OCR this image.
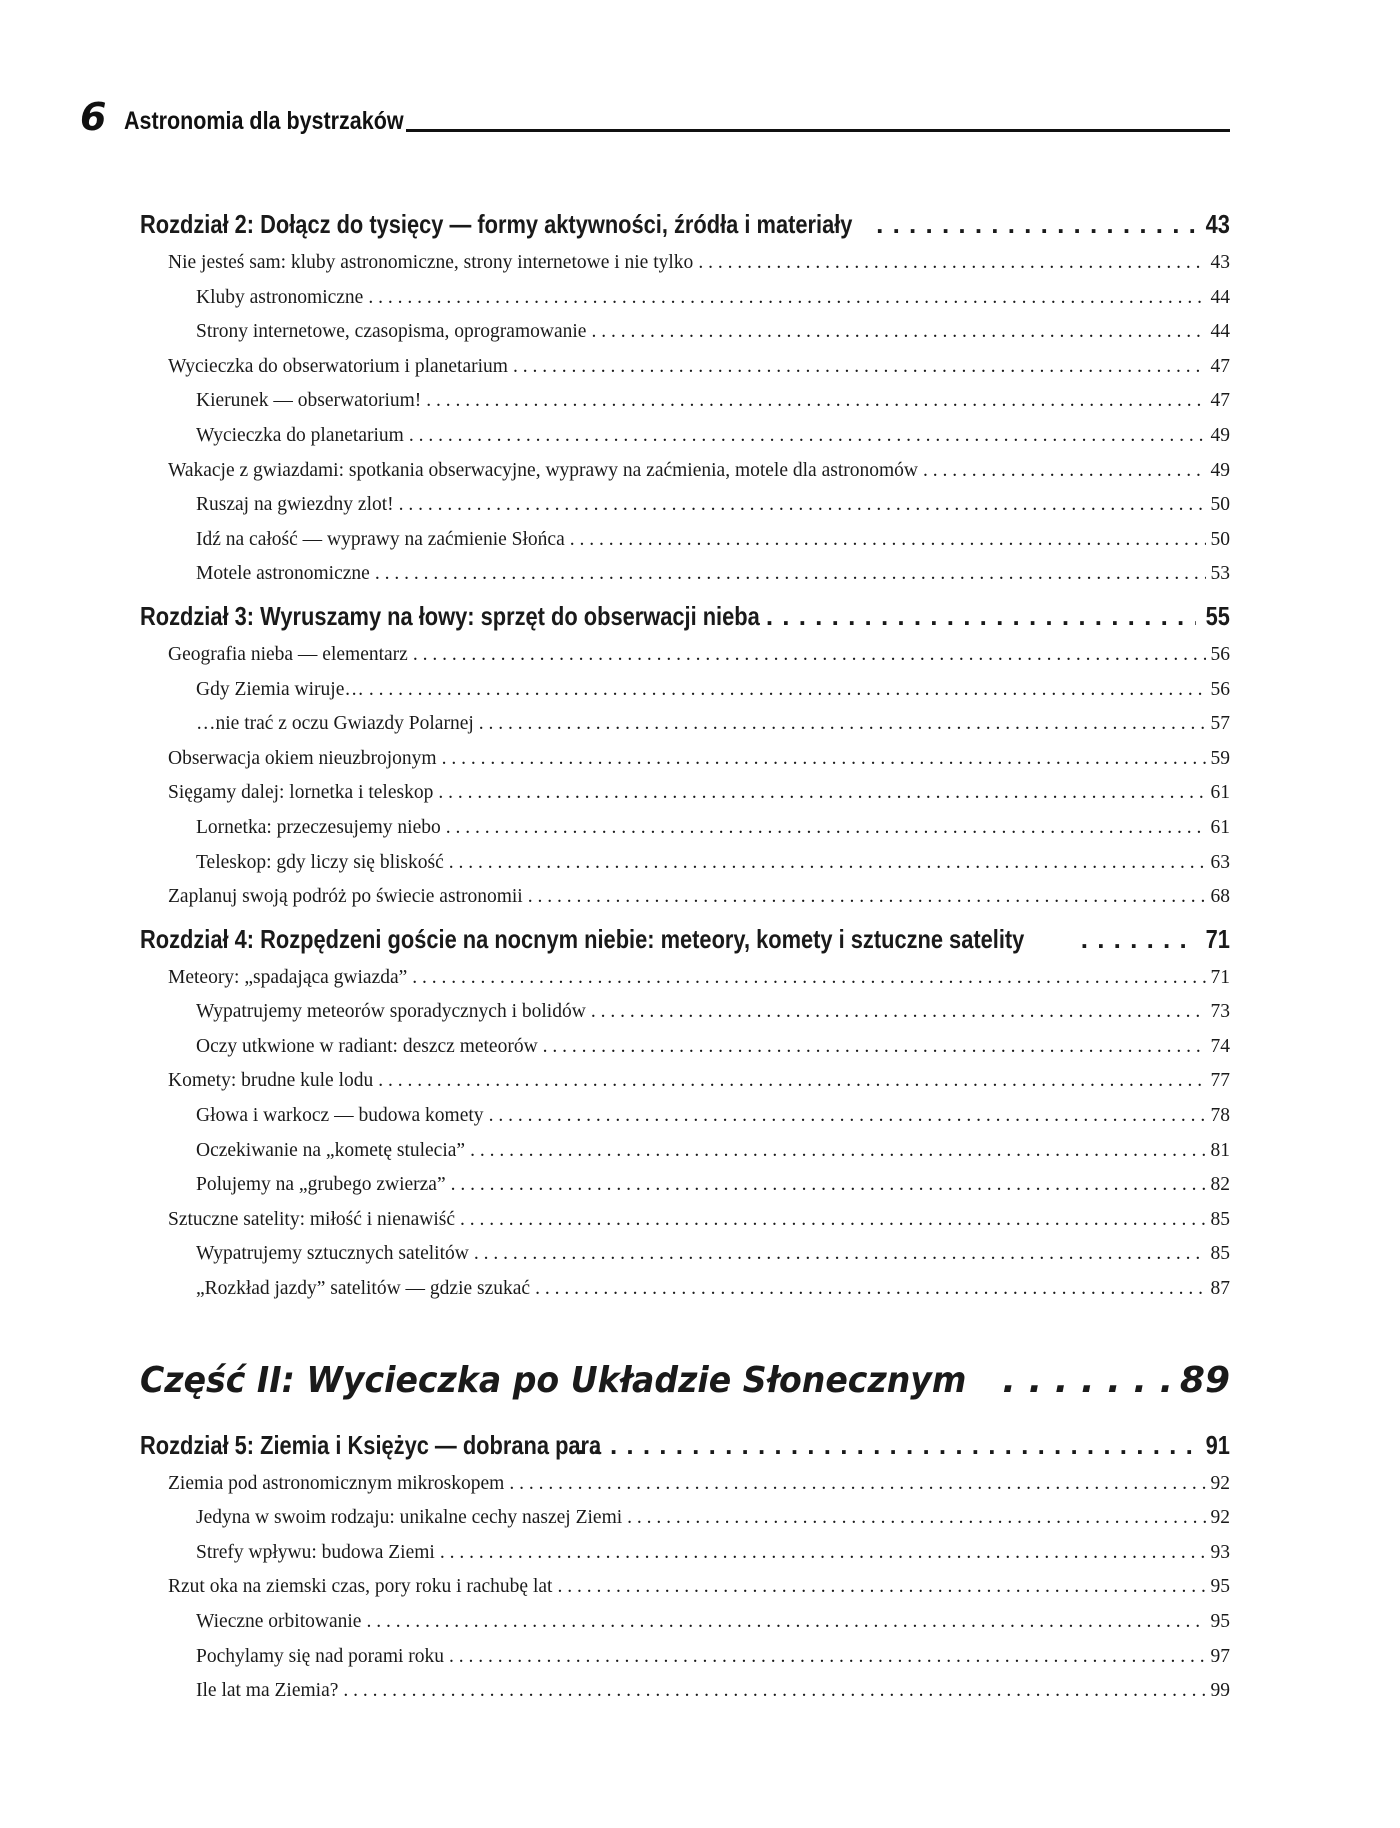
6 Astronomia dla bystrzaków
Rozdział 2: Dołącz do tysięcy — formy aktywności, źródła i materiały . . .	43
Nie jesteś sam: kluby astronomiczne, strony internetowe i nie tylko . . .	43
Kluby astronomiczne . . .	44
Strony internetowe, czasopisma, oprogramowanie . . .	44
Wycieczka do obserwatorium i planetarium . . .	47
Kierunek — obserwatorium! . . .	47
Wycieczka do planetarium . . .	49
Wakacje z gwiazdami: spotkania obserwacyjne, wyprawy na zaćmienia, motele dla astronomów . . .	49
Ruszaj na gwiezdny zlot! . . .	50
Idź na całość — wyprawy na zaćmienie Słońca . . .	50
Motele astronomiczne . . .	53
Rozdział 3: Wyruszamy na łowy: sprzęt do obserwacji nieba . . .	55
Geografia nieba — elementarz . . .	56
Gdy Ziemia wiruje… . . .	56
…nie trać z oczu Gwiazdy Polarnej . . .	57
Obserwacja okiem nieuzbrojonym . . .	59
Sięgamy dalej: lornetka i teleskop . . .	61
Lornetka: przeczesujemy niebo . . .	61
Teleskop: gdy liczy się bliskość . . .	63
Zaplanuj swoją podróż po świecie astronomii . . .	68
Rozdział 4: Rozpędzeni goście na nocnym niebie: meteory, komety i sztuczne satelity . . .	71
Meteory: „spadająca gwiazda” . . .	71
Wypatrujemy meteorów sporadycznych i bolidów . . .	73
Oczy utkwione w radiant: deszcz meteorów . . .	74
Komety: brudne kule lodu . . .	77
Głowa i warkocz — budowa komety . . .	78
Oczekiwanie na „kometę stulecia” . . .	81
Polujemy na „grubego zwierza” . . .	82
Sztuczne satelity: miłość i nienawiść . . .	85
Wypatrujemy sztucznych satelitów . . .	85
„Rozkład jazdy” satelitów — gdzie szukać . . .	87
Część II: Wycieczka po Układzie Słonecznym . . .	89
Rozdział 5: Ziemia i Księżyc — dobrana para . . .	91
Ziemia pod astronomicznym mikroskopem . . .	92
Jedyna w swoim rodzaju: unikalne cechy naszej Ziemi . . .	92
Strefy wpływu: budowa Ziemi . . .	93
Rzut oka na ziemski czas, pory roku i rachubę lat . . .	95
Wieczne orbitowanie . . .	95
Pochylamy się nad porami roku . . .	97
Ile lat ma Ziemia? . . .	99
